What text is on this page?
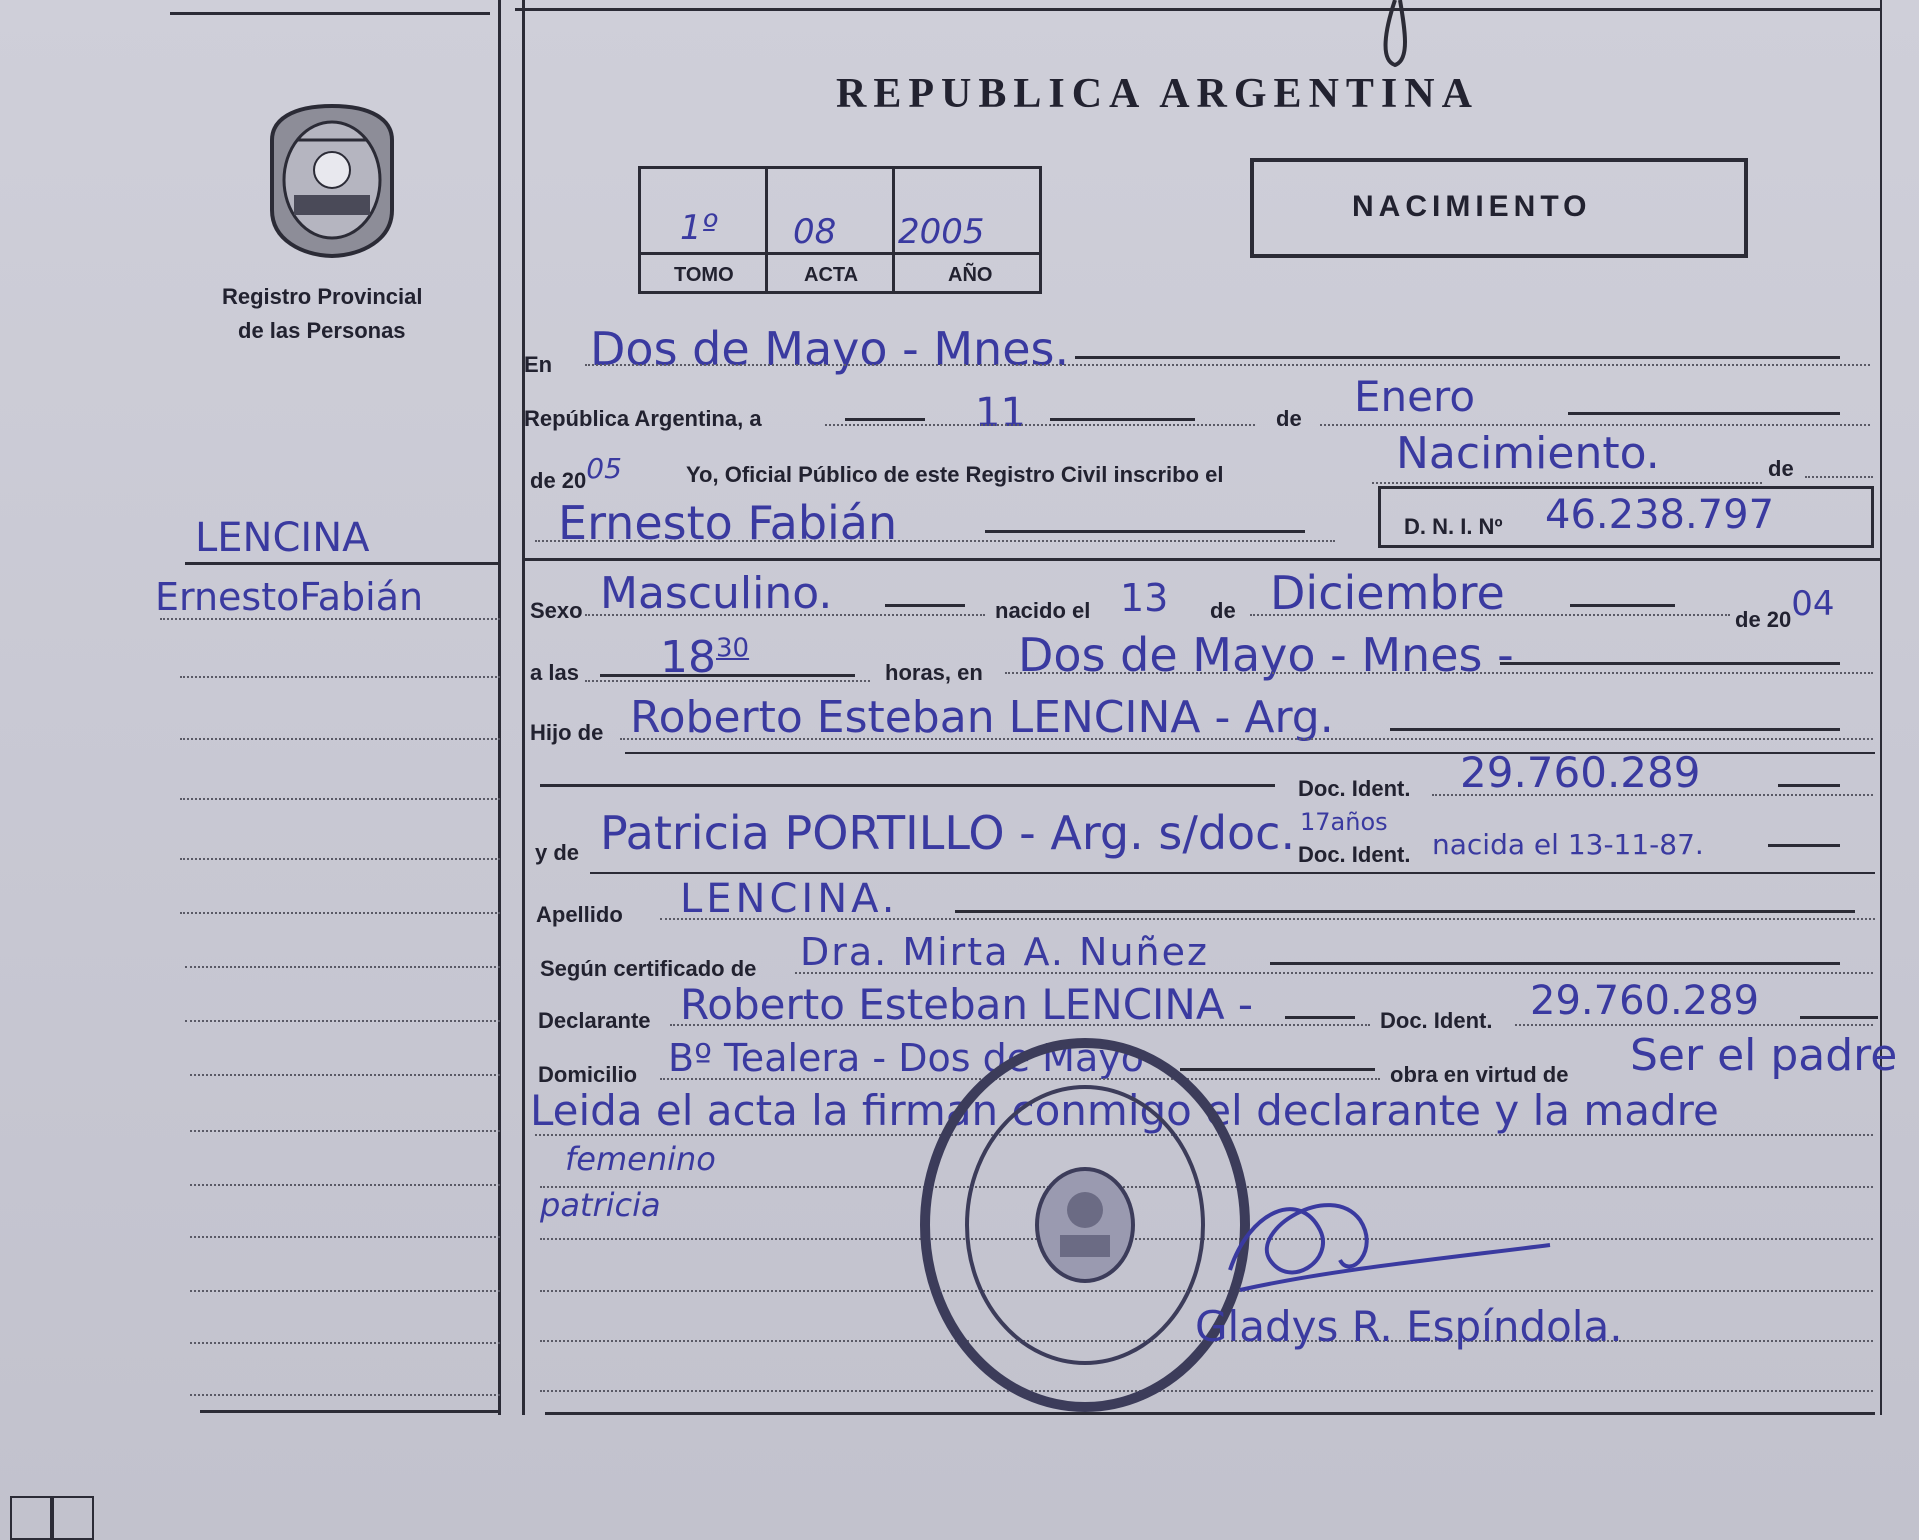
Registro Provincial
de las Personas
REPUBLICA ARGENTINA
1º 08 2005
TOMO	ACTA	AÑO
NACIMIENTO
LENCINA
ErnestoFabián
En Dos de Mayo - Mnes.
República Argentina, a	11	de Enero
de 2005	Yo, Oficial Público de este Registro Civil inscribo el	Nacimiento.	de
Ernesto Fabián	D. N. I. Nº 46.238.797
Sexo Masculino.	nacido el 13 de Diciembre	de 2004
a las $18^{30}$
horas, en Dos de Mayo - Mnes -
Hijo de Roberto Esteban LENCINA - Arg.
Doc. Ident. 29.760.289
y de Patricia PORTILLO - Arg. s/doc. 17años
Doc. Ident. nacida el 13-11-87.
Apellido LENCINA.
Según certificado de Dra. Mirta A. Nuñez
Declarante Roberto Esteban LENCINA -	Doc. Ident. 29.760.289
Domicilio Bº Tealera - Dos de Mayo	obra en virtud de Ser el padre
Leida el acta la firman conmigo el declarante y la madre
femenino
patricia
Gladys R. Espíndola.
